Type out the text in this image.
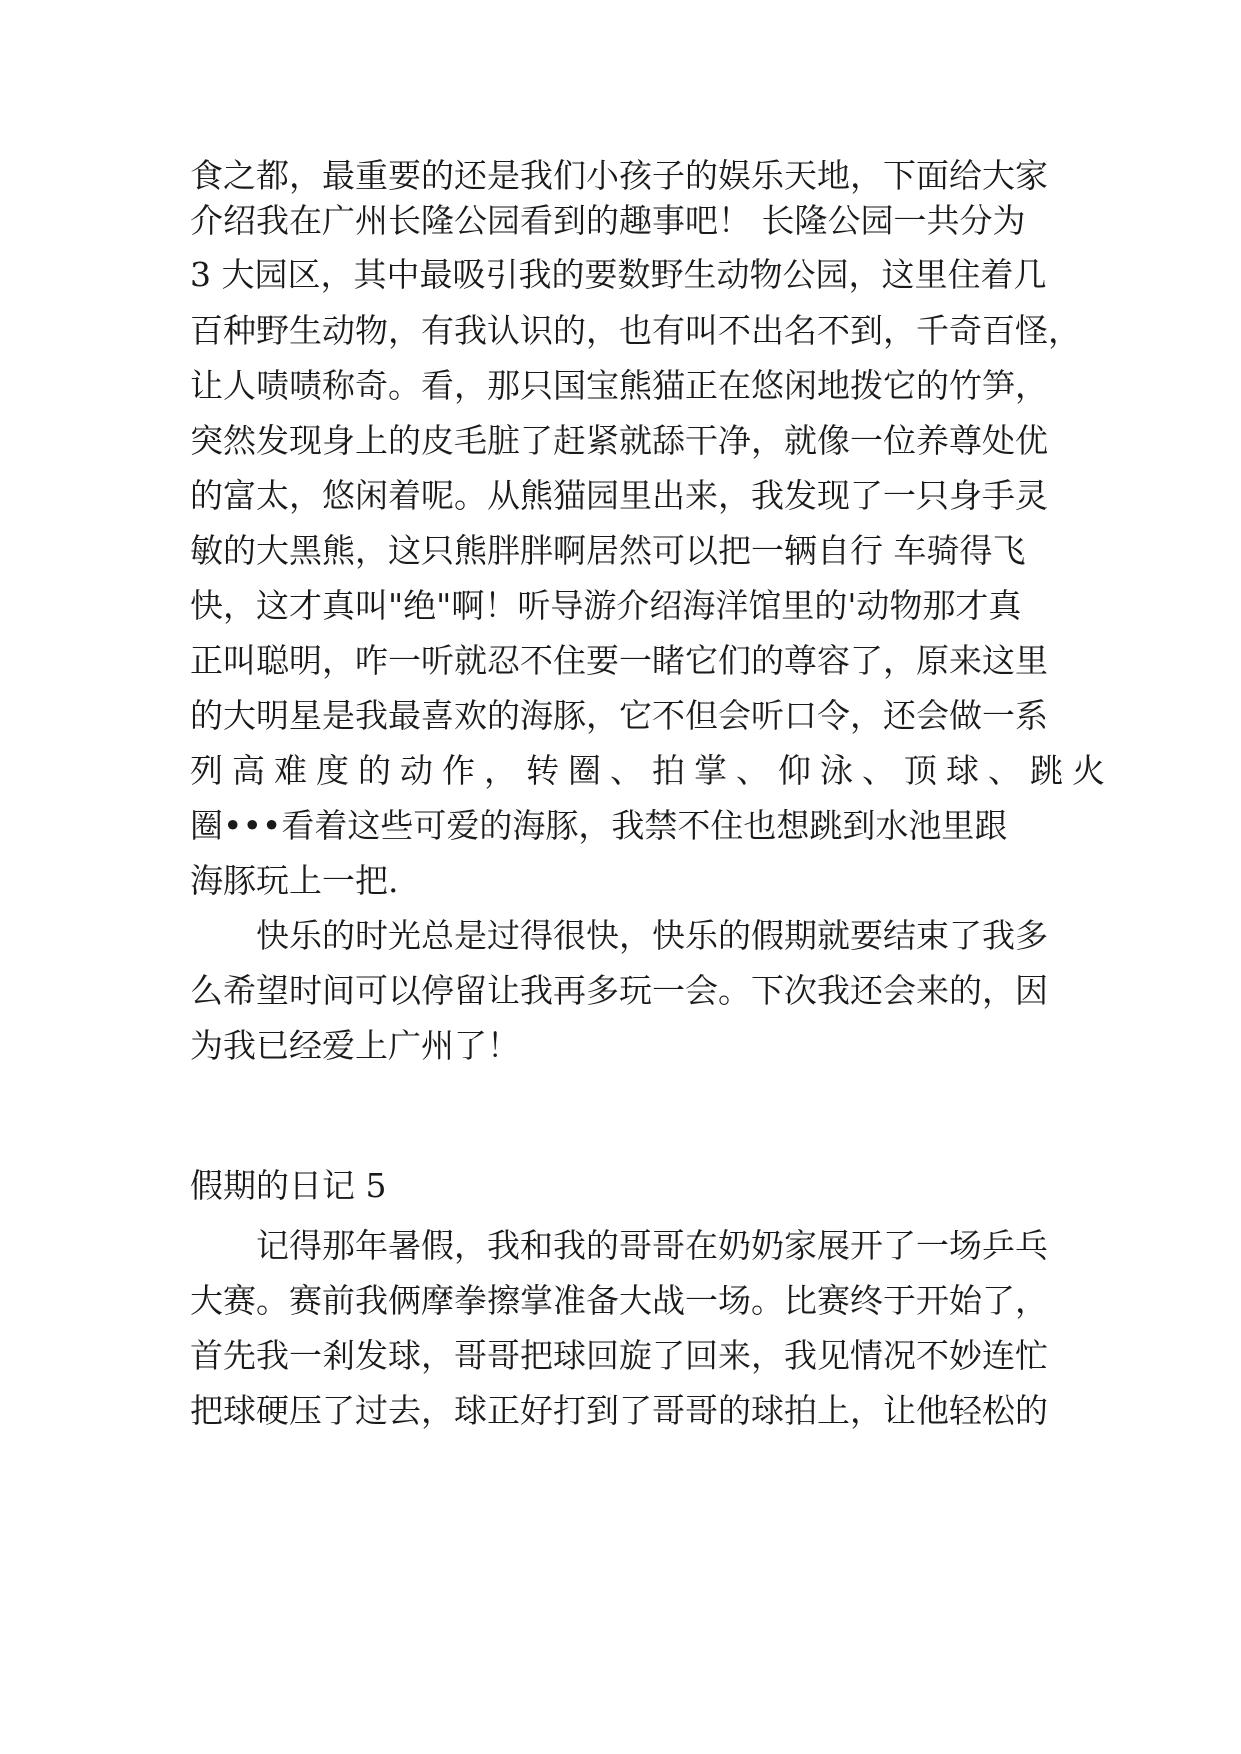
食之都，最重要的还是我们小孩子的娱乐天地，下面给大家
介绍我在广州长隆公园看到的趣事吧！ 长隆公园一共分为
3 大园区，其中最吸引我的要数野生动物公园，这里住着几
百种野生动物，有我认识的，也有叫不出名不到，千奇百怪，
让人啧啧称奇。看，那只国宝熊猫正在悠闲地拨它的竹笋，
突然发现身上的皮毛脏了赶紧就舔干净，就像一位养尊处优
的富太，悠闲着呢。从熊猫园里出来，我发现了一只身手灵
敏的大黑熊，这只熊胖胖啊居然可以把一辆自行 车骑得飞
快，这才真叫"绝"啊！听导游介绍海洋馆里的'动物那才真
正叫聪明，咋一听就忍不住要一睹它们的尊容了，原来这里
的大明星是我最喜欢的海豚，它不但会听口令，还会做一系
列高难度的动作，转圈、拍掌、仰泳、顶球、跳火
圈•••看着这些可爱的海豚，我禁不住也想跳到水池里跟
海豚玩上一把.
　　快乐的时光总是过得很快，快乐的假期就要结束了我多
么希望时间可以停留让我再多玩一会。下次我还会来的，因
为我已经爱上广州了！
假期的日记 5
　　记得那年暑假，我和我的哥哥在奶奶家展开了一场乒乓
大赛。赛前我俩摩拳擦掌准备大战一场。比赛终于开始了，
首先我一剎发球，哥哥把球回旋了回来，我见情况不妙连忙
把球硬压了过去，球正好打到了哥哥的球拍上，让他轻松的
